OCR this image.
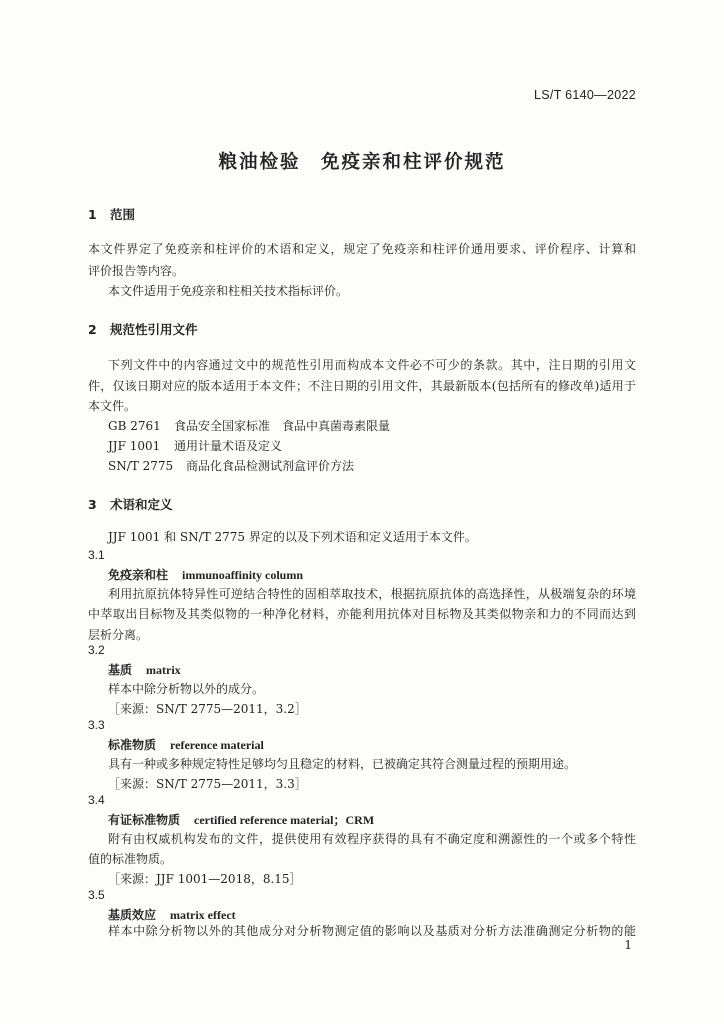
LS/T 6140—2022
粮油检验　免疫亲和柱评价规范
1 范围
本文件界定了免疫亲和柱评价的术语和定义，规定了免疫亲和柱评价通用要求、评价程序、计算和
评价报告等内容。
本文件适用于免疫亲和柱相关技术指标评价。
2 规范性引用文件
下列文件中的内容通过文中的规范性引用而构成本文件必不可少的条款。其中，注日期的引用文
件，仅该日期对应的版本适用于本文件；不注日期的引用文件，其最新版本(包括所有的修改单)适用于
本文件。
GB 2761 食品安全国家标准　食品中真菌毒素限量
JJF 1001 通用计量术语及定义
SN/T 2775 商品化食品检测试剂盒评价方法
3 术语和定义
JJF 1001 和 SN/T 2775 界定的以及下列术语和定义适用于本文件。
3.1
免疫亲和柱 immunoaffinity column
利用抗原抗体特异性可逆结合特性的固相萃取技术，根据抗原抗体的高选择性，从极端复杂的环境
中萃取出目标物及其类似物的一种净化材料，亦能利用抗体对目标物及其类似物亲和力的不同而达到
层析分离。
3.2
基质 matrix
样本中除分析物以外的成分。
［来源：SN/T 2775—2011，3.2］
3.3
标准物质 reference material
具有一种或多种规定特性足够均匀且稳定的材料，已被确定其符合测量过程的预期用途。
［来源：SN/T 2775—2011，3.3］
3.4
有证标准物质 certified reference material；CRM
附有由权威机构发布的文件，提供使用有效程序获得的具有不确定度和溯源性的一个或多个特性
值的标准物质。
［来源：JJF 1001—2018，8.15］
3.5
基质效应 matrix effect
样本中除分析物以外的其他成分对分析物测定值的影响以及基质对分析方法准确测定分析物的能
1
